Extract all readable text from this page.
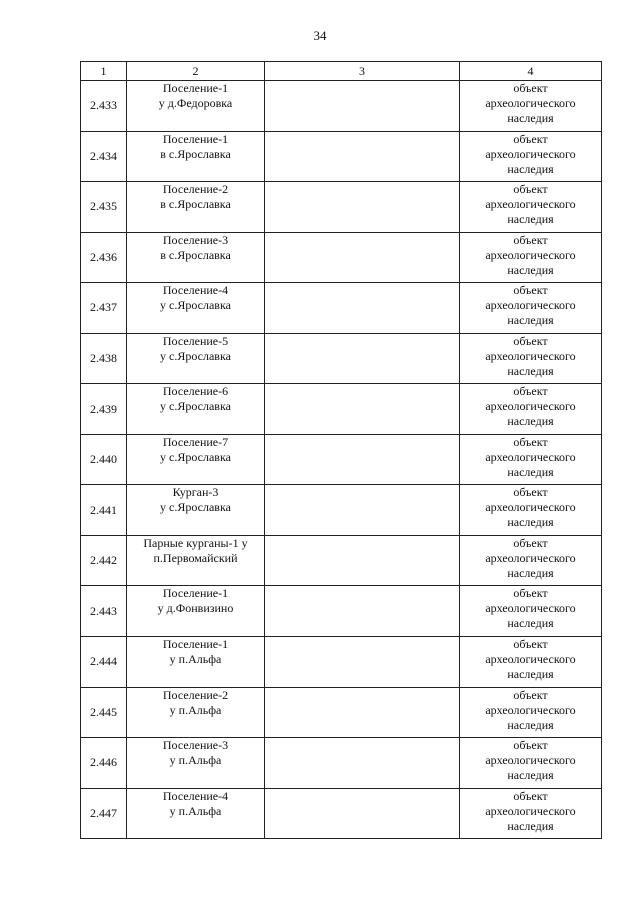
34
1	2	3	4
2.433	Поселение-1
у д.Федоровка		объект
археологического
наследия

2.434	Поселение-1
в с.Ярославка		объект
археологического
наследия

2.435	Поселение-2
в с.Ярославка		объект
археологического
наследия

2.436	Поселение-3
в с.Ярославка		объект
археологического
наследия

2.437	Поселение-4
у с.Ярославка		объект
археологического
наследия

2.438	Поселение-5
у с.Ярославка		объект
археологического
наследия

2.439	Поселение-6
у с.Ярославка		объект
археологического
наследия

2.440	Поселение-7
у с.Ярославка		объект
археологического
наследия

2.441	Курган-3
у с.Ярославка		объект
археологического
наследия

2.442	Парные курганы-1 у
п.Первомайский		объект
археологического
наследия

2.443	Поселение-1
у д.Фонвизино		объект
археологического
наследия

2.444	Поселение-1
у п.Альфа		объект
археологического
наследия

2.445	Поселение-2
у п.Альфа		объект
археологического
наследия

2.446	Поселение-3
у п.Альфа		объект
археологического
наследия

2.447	Поселение-4
у п.Альфа		объект
археологического
наследия
